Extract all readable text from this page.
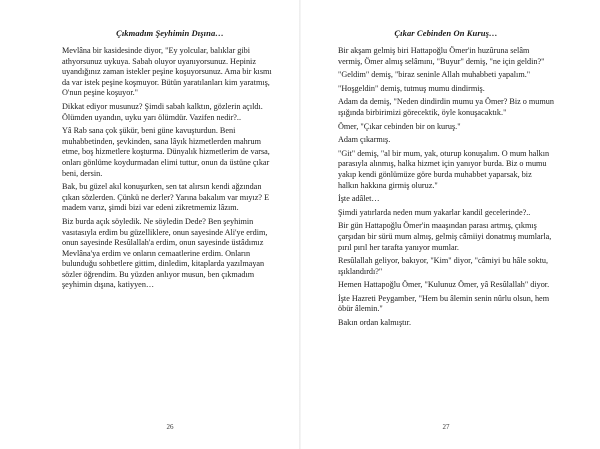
Çıkmadım Şeyhimin Dışına…

Mevlâna bir kasidesinde diyor, "Ey yolcular, balıklar gibi athyorsunuz uykuya. Sabah oluyor uyanıyorsunuz. Hepiniz uyandığınız zaman istekler peşine koşuyorsunuz. Ama bir kısmı da var istek peşine koşmuyor. Bütün yaratılanları kim yaratmış, O'nun peşine koşuyor."

Dikkat ediyor musunuz? Şimdi sabah kalktın, gözlerin açıldı. Ölümden uyandın, uyku yarı ölümdür. Vazifen nedir?..

Yâ Rab sana çok şükür, beni güne kavuşturdun. Beni muhabbetinden, şevkinden, sana lâyık hizmetlerden mahrum etme, boş hizmetlere koşturma. Dünyalık hizmetlerim de varsa, onları gönlüme koydurmadan elimi tuttur, onun da üstüne çıkar beni, dersin.

Bak, bu güzel akıl konuşurken, sen tat alırsın kendi ağzından çıkan sözlerden. Çünkü ne derler? Yarına bakalım var mıyız? E madem varız, şimdi bizi var edeni zikretmemiz lâzım.

Biz burda açık söyledik. Ne söyledin Dede? Ben şeyhimin vasıtasıyla erdim bu güzelliklere, onun sayesinde Ali'ye erdim, onun sayesinde Resûlallah'a erdim, onun sayesinde üstâdımız Mevlâna'ya erdim ve onların cemaatlerine erdim. Onların bulunduğu sohbetlere gittim, dinledim, kitaplarda yazılmayan sözler öğrendim. Bu yüzden anlıyor musun, ben çıkmadım şeyhimin dışına, katiyyen…

26
Çıkar Cebinden On Kuruş…

Bir akşam gelmiş biri Hattapoğlu Ömer'in huzûruna selâm vermiş, Ömer almış selâmını, "Buyur" demiş, "ne için geldin?"

"Geldim" demiş, "biraz seninle Allah muhabbeti yapalım."

"Hoşgeldin" demiş, tutmuş mumu dindirmiş.

Adam da demiş, "Neden dindirdin mumu ya Ömer? Biz o mumun ışığında birbirimizi görecektik, öyle konuşacaktık."

Ömer, "Çıkar cebinden bir on kuruş."

Adam çıkarmış.

"Git" demiş, "al bir mum, yak, oturup konuşalım. O mum halkın parasıyla alınmış, halka hizmet için yanıyor burda. Biz o mumu yakıp kendi gönlümüze göre burda muhabbet yaparsak, biz halkın hakkına girmiş oluruz."

İşte adâlet…

Şimdi yatırlarda neden mum yakarlar kandil gecelerinde?..

Bir gün Hattapoğlu Ömer'in maaşından parası artmış, çıkmış çarşıdan bir sürü mum almış, gelmiş câmiiyi donatmış mumlarla, pırıl pırıl her tarafta yanıyor mumlar.

Resûlallah geliyor, bakıyor, "Kim" diyor, "câmiyi bu hâle soktu, ışıklandırdı?"

Hemen Hattapoğlu Ömer, "Kulunuz Ömer, yâ Resûlallah" diyor.

İşte Hazreti Peygamber, "Hem bu âlemin senin nûrlu olsun, hem öbür âlemin."

Bakın ordan kalmıştır.

27
